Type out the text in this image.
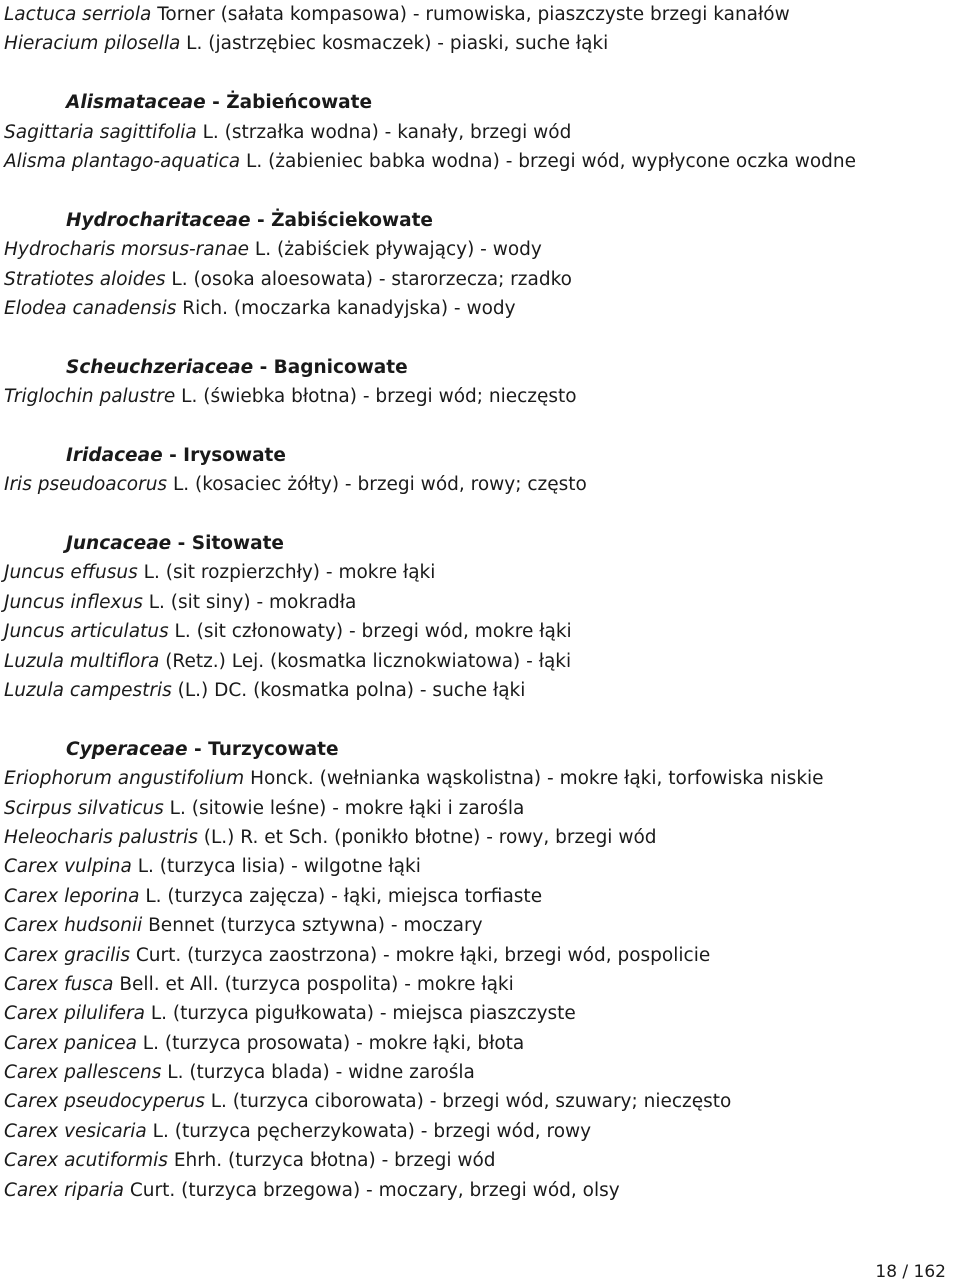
Lactuca serriola Torner (sałata kompasowa) - rumowiska, piaszczyste brzegi kanałów
Hieracium pilosella L. (jastrzębiec kosmaczek) - piaski, suche łąki
Alismataceae - Żabieńcowate
Sagittaria sagittifolia L. (strzałka wodna) - kanały, brzegi wód
Alisma plantago-aquatica L. (żabieniec babka wodna) - brzegi wód, wypłycone oczka wodne
Hydrocharitaceae - Żabiściekowate
Hydrocharis morsus-ranae L. (żabiściek pływający) - wody
Stratiotes aloides L. (osoka aloesowata) - starorzecza; rzadko
Elodea canadensis Rich. (moczarka kanadyjska) - wody
Scheuchzeriaceae - Bagnicowate
Triglochin palustre L. (świebka błotna) - brzegi wód; nieczęsto
Iridaceae - Irysowate
Iris pseudoacorus L. (kosaciec żółty) - brzegi wód, rowy; często
Juncaceae - Sitowate
Juncus effusus L. (sit rozpierzchły) - mokre łąki
Juncus inflexus L. (sit siny) - mokradła
Juncus articulatus L. (sit członowaty) - brzegi wód, mokre łąki
Luzula multiflora (Retz.) Lej. (kosmatka licznokwiatowa) - łąki
Luzula campestris (L.) DC. (kosmatka polna) - suche łąki
Cyperaceae - Turzycowate
Eriophorum angustifolium Honck. (wełnianka wąskolistna) - mokre łąki, torfowiska niskie
Scirpus silvaticus L. (sitowie leśne) - mokre łąki i zarośla
Heleocharis palustris (L.) R. et Sch. (ponikło błotne) - rowy, brzegi wód
Carex vulpina L. (turzyca lisia) - wilgotne łąki
Carex leporina L. (turzyca zajęcza) - łąki, miejsca torfiaste
Carex hudsonii Bennet (turzyca sztywna) - moczary
Carex gracilis Curt. (turzyca zaostrzona) - mokre łąki, brzegi wód, pospolicie
Carex fusca Bell. et All. (turzyca pospolita) - mokre łąki
Carex pilulifera L. (turzyca pigułkowata) - miejsca piaszczyste
Carex panicea L. (turzyca prosowata) - mokre łąki, błota
Carex pallescens L. (turzyca blada) - widne zarośla
Carex pseudocyperus L. (turzyca ciborowata) - brzegi wód, szuwary; nieczęsto
Carex vesicaria L. (turzyca pęcherzykowata) - brzegi wód, rowy
Carex acutiformis Ehrh. (turzyca błotna) - brzegi wód
Carex riparia Curt. (turzyca brzegowa) - moczary, brzegi wód, olsy
18 / 162
